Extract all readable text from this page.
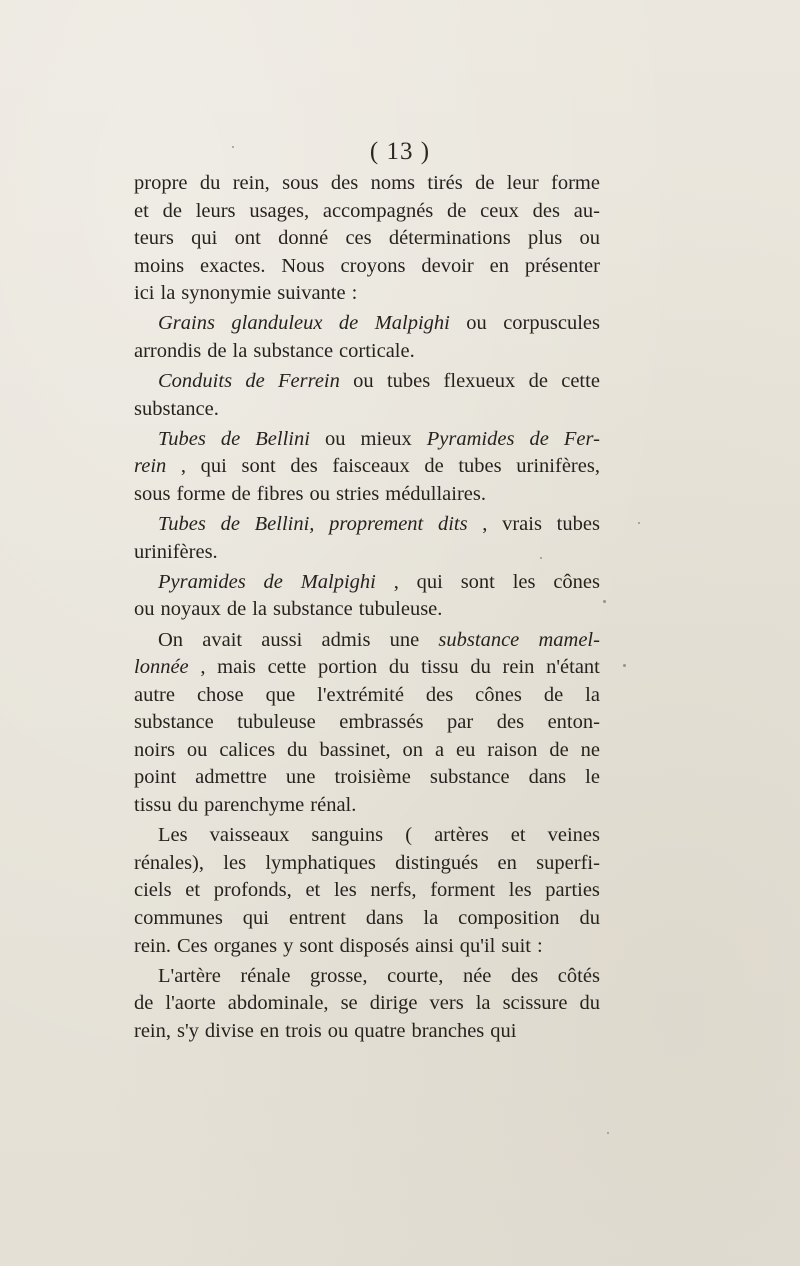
( 13 )
propre du rein, sous des noms tirés de leur forme
et de leurs usages, accompagnés de ceux des au-
teurs qui ont donné ces déterminations plus ou
moins exactes. Nous croyons devoir en présenter
ici la synonymie suivante :
Grains glanduleux de Malpighi ou corpuscules
arrondis de la substance corticale.
Conduits de Ferrein ou tubes flexueux de cette
substance.
Tubes de Bellini ou mieux Pyramides de Fer-
rein , qui sont des faisceaux de tubes urinifères,
sous forme de fibres ou stries médullaires.
Tubes de Bellini, proprement dits , vrais tubes
urinifères.
Pyramides de Malpighi , qui sont les cônes
ou noyaux de la substance tubuleuse.
On avait aussi admis une substance mamel-
lonnée , mais cette portion du tissu du rein n'étant
autre chose que l'extrémité des cônes de la
substance tubuleuse embrassés par des enton-
noirs ou calices du bassinet, on a eu raison de ne
point admettre une troisième substance dans le
tissu du parenchyme rénal.
Les vaisseaux sanguins ( artères et veines
rénales), les lymphatiques distingués en superfi-
ciels et profonds, et les nerfs, forment les parties
communes qui entrent dans la composition du
rein. Ces organes y sont disposés ainsi qu'il suit :
L'artère rénale grosse, courte, née des côtés
de l'aorte abdominale, se dirige vers la scissure du
rein, s'y divise en trois ou quatre branches qui
